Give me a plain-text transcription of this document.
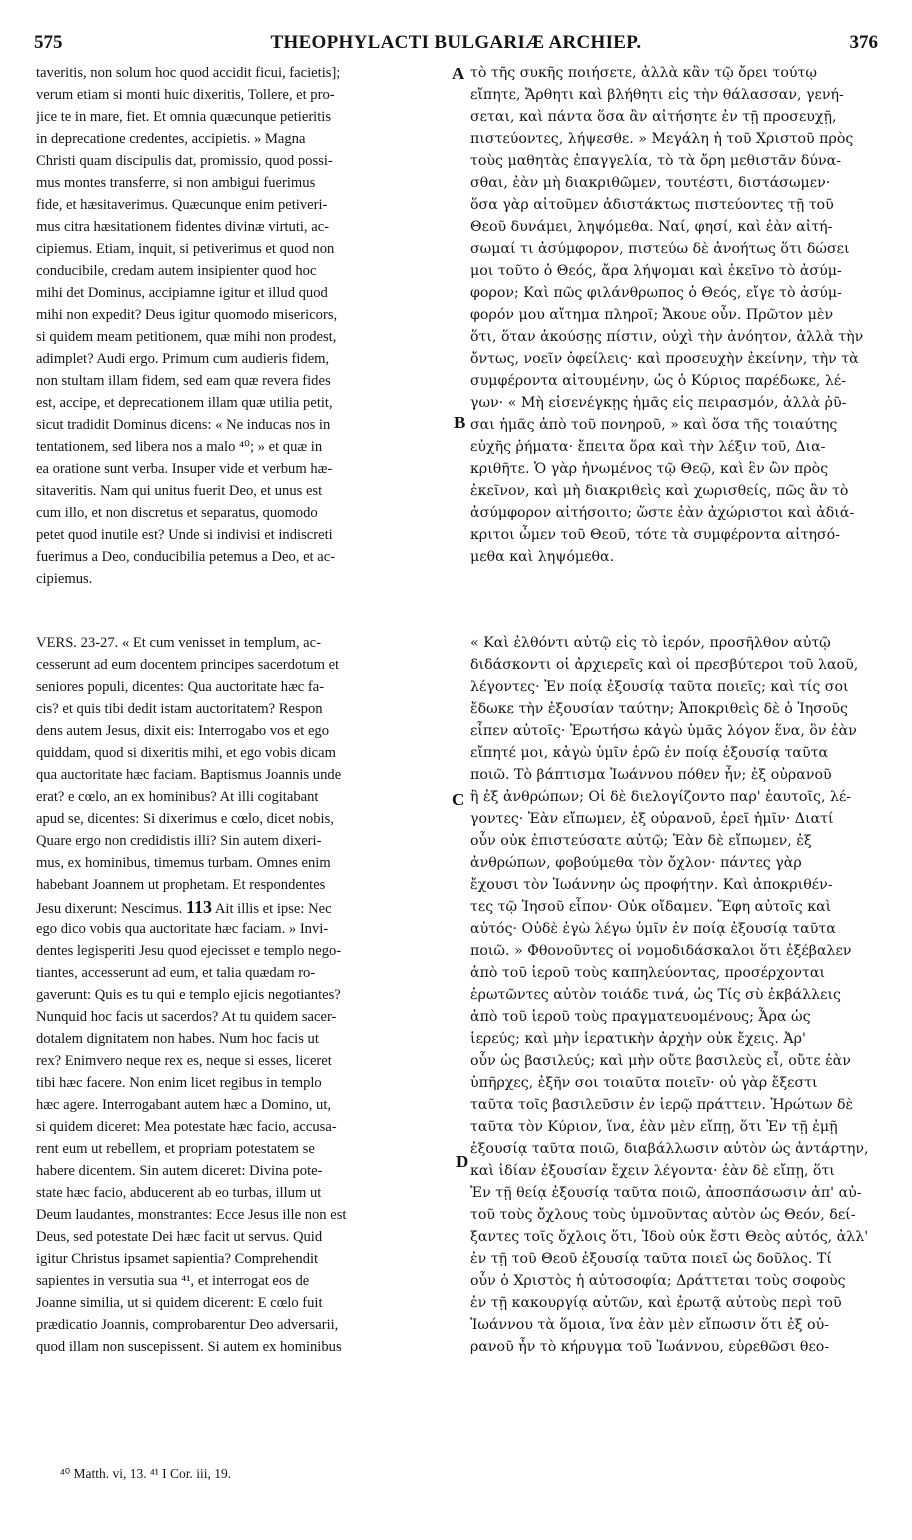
575	THEOPHYLACTI BULGARIÆ ARCHIEP.	376
A
B
C
D
taveritis, non solum hoc quod accidit ficui, facietis];
verum etiam si monti huic dixeritis, Tollere, et pro-
jice te in mare, fiet. Et omnia quæcunque petieritis
in deprecatione credentes, accipietis. » Magna
Christi quam discipulis dat, promissio, quod possi-
mus montes transferre, si non ambigui fuerimus
fide, et hæsitaverimus. Quæcunque enim petiveri-
mus citra hæsitationem fidentes divinæ virtuti, ac-
cipiemus. Etiam, inquit, si petiverimus et quod non
conducibile, credam autem insipienter quod hoc
mihi det Dominus, accipiamne igitur et illud quod
mihi non expedit? Deus igitur quomodo misericors,
si quidem meam petitionem, quæ mihi non prodest,
adimplet? Audi ergo. Primum cum audieris fidem,
non stultam illam fidem, sed eam quæ revera fides
est, accipe, et deprecationem illam quæ utilia petit,
sicut tradidit Dominus dicens: « Ne inducas nos in
tentationem, sed libera nos a malo ⁴⁰; » et quæ in
ea oratione sunt verba. Insuper vide et verbum hæ-
sitaveritis. Nam qui unitus fuerit Deo, et unus est
cum illo, et non discretus et separatus, quomodo
petet quod inutile est? Unde si indivisi et indiscreti
fuerimus a Deo, conducibilia petemus a Deo, et ac-
cipiemus.
τὸ τῆς συκῆς ποιήσετε, ἀλλὰ κἂν τῷ ὄρει τούτῳ
εἴπητε, Ἄρθητι καὶ βλήθητι εἰς τὴν θάλασσαν, γενή-
σεται, καὶ πάντα ὅσα ἂν αἰτήσητε ἐν τῇ προσευχῇ,
πιστεύοντες, λήψεσθε. » Μεγάλη ἡ τοῦ Χριστοῦ πρὸς
τοὺς μαθητὰς ἐπαγγελία, τὸ τὰ ὄρη μεθιστᾶν δύνα-
σθαι, ἐὰν μὴ διακριθῶμεν, τουτέστι, διστάσωμεν·
ὅσα γὰρ αἰτοῦμεν ἀδιστάκτως πιστεύοντες τῇ τοῦ
Θεοῦ δυνάμει, ληψόμεθα. Ναί, φησί, καὶ ἐὰν αἰτή-
σωμαί τι ἀσύμφορον, πιστεύω δὲ ἀνοήτως ὅτι δώσει
μοι τοῦτο ὁ Θεός, ἄρα λήψομαι καὶ ἐκεῖνο τὸ ἀσύμ-
φορον; Καὶ πῶς φιλάνθρωπος ὁ Θεός, εἴγε τὸ ἀσύμ-
φορόν μου αἴτημα πληροῖ; Ἄκουε οὖν. Πρῶτον μὲν
ὅτι, ὅταν ἀκούσῃς πίστιν, οὐχὶ τὴν ἀνόητον, ἀλλὰ τὴν
ὄντως, νοεῖν ὀφείλεις· καὶ προσευχὴν ἐκείνην, τὴν τὰ
συμφέροντα αἰτουμένην, ὡς ὁ Κύριος παρέδωκε, λέ-
γων· « Μὴ εἰσενέγκῃς ἡμᾶς εἰς πειρασμόν, ἀλλὰ ῥῦ-
σαι ἡμᾶς ἀπὸ τοῦ πονηροῦ, » καὶ ὅσα τῆς τοιαύτης
εὐχῆς ῥήματα· ἔπειτα ὅρα καὶ τὴν λέξιν τοῦ, Δια-
κριθῆτε. Ὁ γὰρ ἡνωμένος τῷ Θεῷ, καὶ ἓν ὢν πρὸς
ἐκεῖνον, καὶ μὴ διακριθεὶς καὶ χωρισθείς, πῶς ἂν τὸ
ἀσύμφορον αἰτήσοιτο; ὥστε ἐὰν ἀχώριστοι καὶ ἀδιά-
κριτοι ὦμεν τοῦ Θεοῦ, τότε τὰ συμφέροντα αἰτησό-
μεθα καὶ ληψόμεθα.
VERS. 23-27. « Et cum venisset in templum, ac-
cesserunt ad eum docentem principes sacerdotum et
seniores populi, dicentes: Qua auctoritate hæc fa-
cis? et quis tibi dedit istam auctoritatem? Respon
dens autem Jesus, dixit eis: Interrogabo vos et ego
quiddam, quod si dixeritis mihi, et ego vobis dicam
qua auctoritate hæc faciam. Baptismus Joannis unde
erat? e cœlo, an ex hominibus? At illi cogitabant
apud se, dicentes: Si dixerimus e cœlo, dicet nobis,
Quare ergo non credidistis illi? Sin autem dixeri-
mus, ex hominibus, timemus turbam. Omnes enim
habebant Joannem ut prophetam. Et respondentes
Jesu dixerunt: Nescimus. 113 Ait illis et ipse: Nec
ego dico vobis qua auctoritate hæc faciam. » Invi-
dentes legisperiti Jesu quod ejecisset e templo nego-
tiantes, accesserunt ad eum, et talia quædam ro-
gaverunt: Quis es tu qui e templo ejicis negotiantes?
Nunquid hoc facis ut sacerdos? At tu quidem sacer-
dotalem dignitatem non habes. Num hoc facis ut
rex? Enimvero neque rex es, neque si esses, liceret
tibi hæc facere. Non enim licet regibus in templo
hæc agere. Interrogabant autem hæc a Domino, ut,
si quidem diceret: Mea potestate hæc facio, accusa-
rent eum ut rebellem, et propriam potestatem se
habere dicentem. Sin autem diceret: Divina pote-
state hæc facio, abducerent ab eo turbas, illum ut
Deum laudantes, monstrantes: Ecce Jesus ille non est
Deus, sed potestate Dei hæc facit ut servus. Quid
igitur Christus ipsamet sapientia? Comprehendit
sapientes in versutia sua ⁴¹, et interrogat eos de
Joanne similia, ut si quidem dicerent: E cœlo fuit
prædicatio Joannis, comprobarentur Deo adversarii,
quod illam non suscepissent. Si autem ex hominibus
« Καὶ ἐλθόντι αὐτῷ εἰς τὸ ἱερόν, προσῆλθον αὐτῷ
διδάσκοντι οἱ ἀρχιερεῖς καὶ οἱ πρεσβύτεροι τοῦ λαοῦ,
λέγοντες· Ἐν ποίᾳ ἐξουσίᾳ ταῦτα ποιεῖς; καὶ τίς σοι
ἔδωκε τὴν ἐξουσίαν ταύτην; Ἀποκριθεὶς δὲ ὁ Ἰησοῦς
εἶπεν αὐτοῖς· Ἐρωτήσω κἀγὼ ὑμᾶς λόγον ἕνα, ὃν ἐὰν
εἴπητέ μοι, κἀγὼ ὑμῖν ἐρῶ ἐν ποίᾳ ἐξουσίᾳ ταῦτα
ποιῶ. Τὸ βάπτισμα Ἰωάννου πόθεν ἦν; ἐξ οὐρανοῦ
ἢ ἐξ ἀνθρώπων; Οἱ δὲ διελογίζοντο παρ' ἑαυτοῖς, λέ-
γοντες· Ἐὰν εἴπωμεν, ἐξ οὐρανοῦ, ἐρεῖ ἡμῖν· Διατί
οὖν οὐκ ἐπιστεύσατε αὐτῷ; Ἐὰν δὲ εἴπωμεν, ἐξ
ἀνθρώπων, φοβούμεθα τὸν ὄχλον· πάντες γὰρ
ἔχουσι τὸν Ἰωάννην ὡς προφήτην. Καὶ ἀποκριθέν-
τες τῷ Ἰησοῦ εἶπον· Οὐκ οἴδαμεν. Ἔφη αὐτοῖς καὶ
αὐτός· Οὐδὲ ἐγὼ λέγω ὑμῖν ἐν ποίᾳ ἐξουσίᾳ ταῦτα
ποιῶ. » Φθονοῦντες οἱ νομοδιδάσκαλοι ὅτι ἐξέβαλεν
ἀπὸ τοῦ ἱεροῦ τοὺς καπηλεύοντας, προσέρχονται
ἐρωτῶντες αὐτὸν τοιάδε τινά, ὡς Τίς σὺ ἐκβάλλεις
ἀπὸ τοῦ ἱεροῦ τοὺς πραγματευομένους; Ἆρα ὡς
ἱερεύς; καὶ μὴν ἱερατικὴν ἀρχὴν οὐκ ἔχεις. Ἀρ'
οὖν ὡς βασιλεύς; καὶ μὴν οὔτε βασιλεὺς εἶ, οὔτε ἐὰν
ὑπῆρχες, ἐξῆν σοι τοιαῦτα ποιεῖν· οὐ γὰρ ἔξεστι
ταῦτα τοῖς βασιλεῦσιν ἐν ἱερῷ πράττειν. Ἠρώτων δὲ
ταῦτα τὸν Κύριον, ἵνα, ἐὰν μὲν εἴπῃ, ὅτι Ἐν τῇ ἐμῇ
ἐξουσίᾳ ταῦτα ποιῶ, διαβάλλωσιν αὐτὸν ὡς ἀντάρτην,
καὶ ἰδίαν ἐξουσίαν ἔχειν λέγοντα· ἐὰν δὲ εἴπῃ, ὅτι
Ἐν τῇ θείᾳ ἐξουσίᾳ ταῦτα ποιῶ, ἀποσπάσωσιν ἀπ' αὐ-
τοῦ τοὺς ὄχλους τοὺς ὑμνοῦντας αὐτὸν ὡς Θεόν, δεί-
ξαντες τοῖς ὄχλοις ὅτι, Ἰδοὺ οὐκ ἔστι Θεὸς αὐτός, ἀλλ'
ἐν τῇ τοῦ Θεοῦ ἐξουσίᾳ ταῦτα ποιεῖ ὡς δοῦλος. Τί
οὖν ὁ Χριστὸς ἡ αὐτοσοφία; Δράττεται τοὺς σοφοὺς
ἐν τῇ κακουργίᾳ αὐτῶν, καὶ ἐρωτᾷ αὐτοὺς περὶ τοῦ
Ἰωάννου τὰ ὅμοια, ἵνα ἐὰν μὲν εἴπωσιν ὅτι ἐξ οὐ-
ρανοῦ ἦν τὸ κήρυγμα τοῦ Ἰωάννου, εὑρεθῶσι θεο-
⁴⁰ Matth. vi, 13. ⁴¹ I Cor. iii, 19.
